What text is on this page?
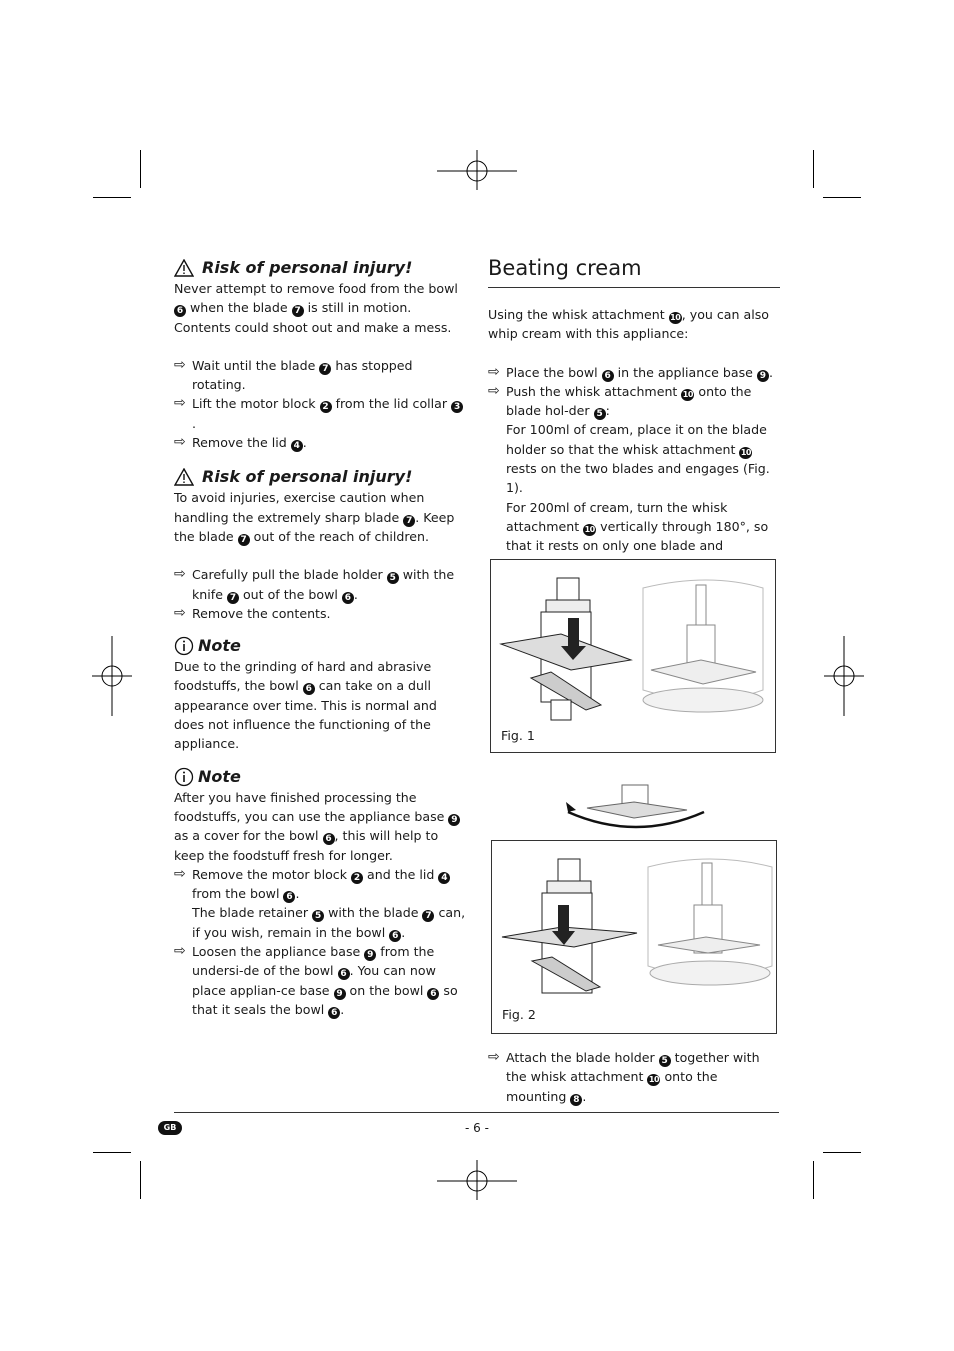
Risk of personal injury!

Never attempt to remove food from the bowl 6 when the blade 7 is still in motion. Contents could shoot out and make a mess.

⇨ Wait until the blade 7 has stopped rotating.
⇨ Lift the motor block 2 from the lid collar 3.
⇨ Remove the lid 4 .
Risk of personal injury!

To avoid injuries, exercise caution when handling the extremely sharp blade 7 . Keep the blade 7 out of the reach of children.

⇨ Carefully pull the blade holder 5 with the knife 7 out of the bowl 6 .
⇨ Remove the contents.
Note

Due to the grinding of hard and abrasive foodstuffs, the bowl 6 can take on a dull appearance over time. This is normal and does not influence the functioning of the appliance.

Note

After you have finished processing the foodstuffs, you can use the appliance base 9 as a cover for the bowl 6 , this will help to keep the foodstuff fresh for longer.

⇨ Remove the motor block 2 and the lid 4 from the bowl 6 .
The blade retainer 5 with the blade 7 can, if you wish, remain in the bowl 6 .
⇨ Loosen the appliance base 9 from the undersi-de of the bowl 6 . You can now place applian-ce base 9 on the bowl 6 so that it seals the bowl 6 .
Beating cream

Using the whisk attachment 10, you can also whip cream with this appliance:

⇨ Place the bowl 6 in the appliance base 9 .
⇨ Push the whisk attachment 10 onto the blade hol-der 5 :
For 100ml of cream, place it on the blade holder so that the whisk attachment 10 rests on the two blades and engages (Fig. 1).
For 200ml of cream, turn the whisk attachment 10 vertically through 180°, so that it rests on only one blade and
Fig. 1
Fig. 2
⇨ Attach the blade holder 5 together with the whisk attachment 10 onto the mounting 8 .
GB	- 6 -
